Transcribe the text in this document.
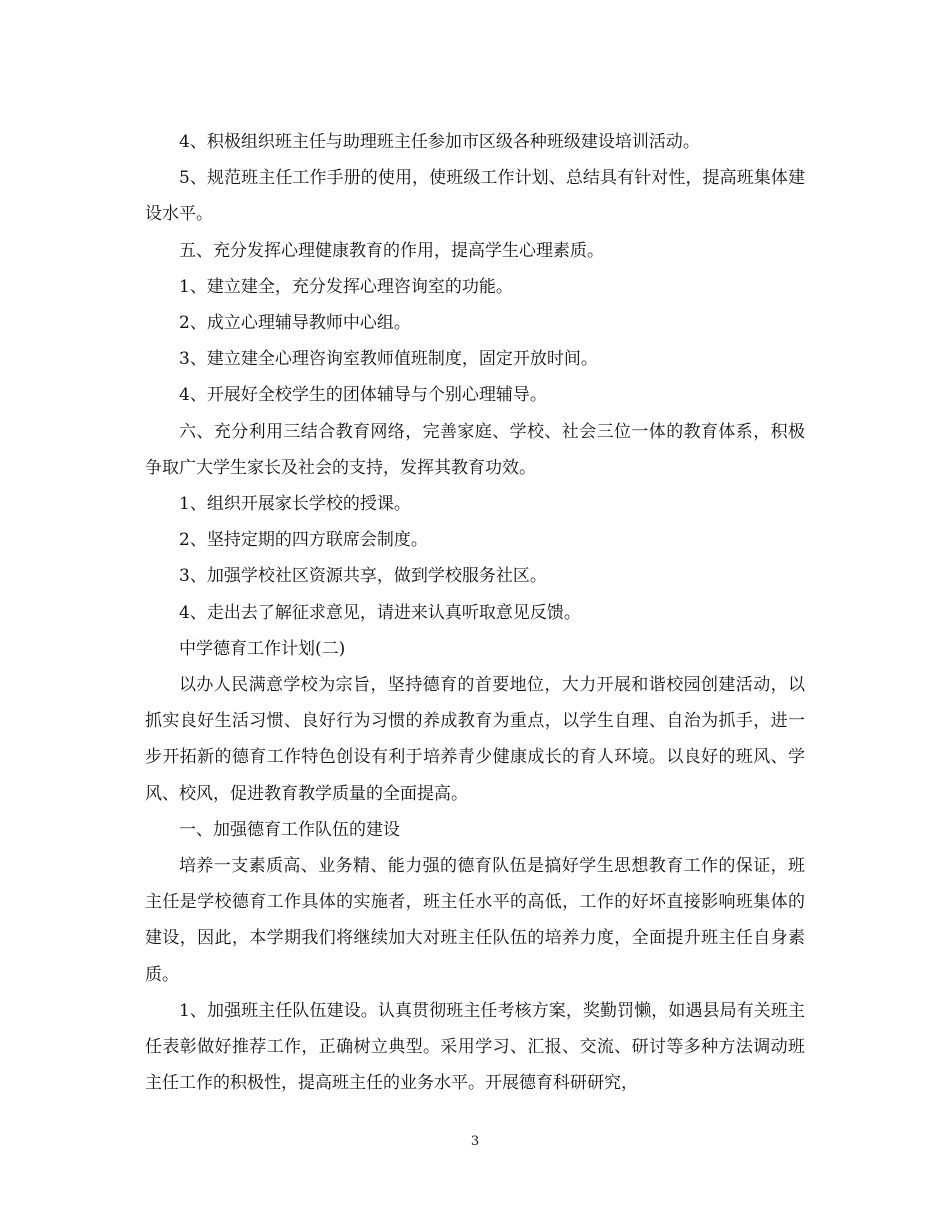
4、积极组织班主任与助理班主任参加市区级各种班级建设培训活动。

5、规范班主任工作手册的使用，使班级工作计划、总结具有针对性，提高班集体建设水平。

五、充分发挥心理健康教育的作用，提高学生心理素质。

1、建立建全，充分发挥心理咨询室的功能。

2、成立心理辅导教师中心组。

3、建立建全心理咨询室教师值班制度，固定开放时间。

4、开展好全校学生的团体辅导与个别心理辅导。

六、充分利用三结合教育网络，完善家庭、学校、社会三位一体的教育体系，积极争取广大学生家长及社会的支持，发挥其教育功效。

1、组织开展家长学校的授课。

2、坚持定期的四方联席会制度。

3、加强学校社区资源共享，做到学校服务社区。

4、走出去了解征求意见，请进来认真听取意见反馈。

中学德育工作计划(二)

以办人民满意学校为宗旨，坚持德育的首要地位，大力开展和谐校园创建活动，以抓实良好生活习惯、良好行为习惯的养成教育为重点，以学生自理、自治为抓手，进一步开拓新的德育工作特色创设有利于培养青少健康成长的育人环境。以良好的班风、学风、校风，促进教育教学质量的全面提高。

一、加强德育工作队伍的建设

培养一支素质高、业务精、能力强的德育队伍是搞好学生思想教育工作的保证，班主任是学校德育工作具体的实施者，班主任水平的高低，工作的好坏直接影响班集体的建设，因此，本学期我们将继续加大对班主任队伍的培养力度，全面提升班主任自身素质。

1、加强班主任队伍建设。认真贯彻班主任考核方案，奖勤罚懒，如遇县局有关班主任表彰做好推荐工作，正确树立典型。采用学习、汇报、交流、研讨等多种方法调动班主任工作的积极性，提高班主任的业务水平。开展德育科研研究，

3
